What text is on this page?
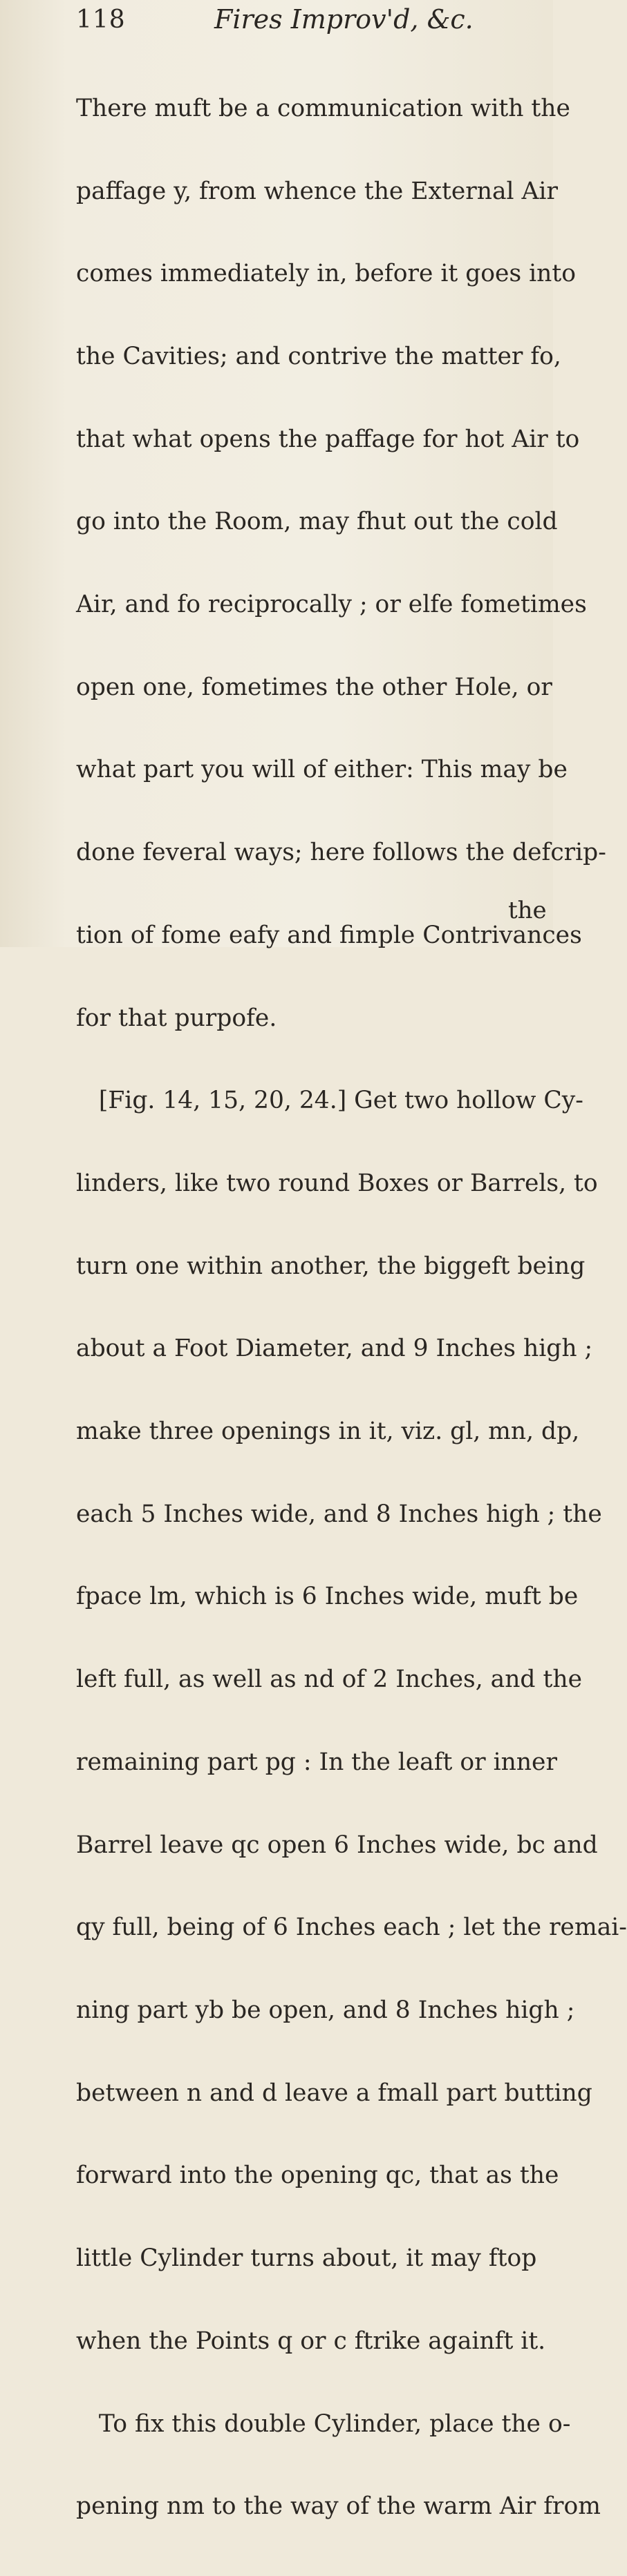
118	Fires Improv'd, &c.

There muft be a communication with the

paffage y, from whence the External Air

comes immediately in, before it goes into

the Cavities; and contrive the matter fo,

that what opens the paffage for hot Air to

go into the Room, may fhut out the cold

Air, and fo reciprocally ; or elfe fometimes

open one, fometimes the other Hole, or

what part you will of either: This may be

done feveral ways; here follows the defcrip-

tion of fome eafy and fimple Contrivances

for that purpofe.

[Fig. 14, 15, 20, 24.] Get two hollow Cy-

linders, like two round Boxes or Barrels, to

turn one within another, the biggeft being

about a Foot Diameter, and 9 Inches high ;

make three openings in it, viz. gl, mn, dp,

each 5 Inches wide, and 8 Inches high ; the

fpace lm, which is 6 Inches wide, muft be

left full, as well as nd of 2 Inches, and the

remaining part pg : In the leaft or inner

Barrel leave qc open 6 Inches wide, bc and

qy full, being of 6 Inches each ; let the remai-

ning part yb be open, and 8 Inches high ;

between n and d leave a fmall part butting

forward into the opening qc, that as the

little Cylinder turns about, it may ftop

when the Points q or c ftrike againft it.

To fix this double Cylinder, place the o-

pening nm to the way of the warm Air from

the
